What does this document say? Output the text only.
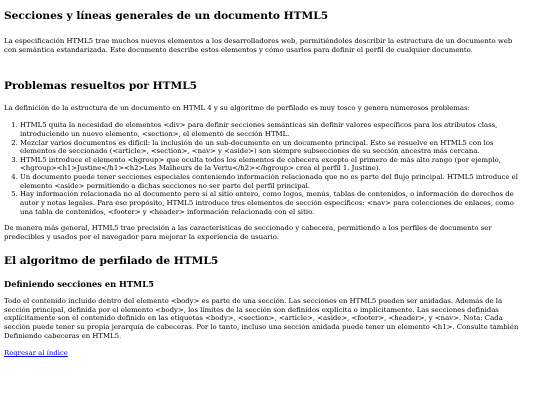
Secciones y líneas generales de un documento HTML5

La especificación HTML5 trae muchos nuevos elementos a los desarrolladores web, permitiéndoles describir la estructura de un documento web con semántica estandarizada. Este documento describe estos elementos y cómo usarlos para definir el perfil de cualquier documento.

Problemas resueltos por HTML5

La definición de la estructura de un documento en HTML 4 y su algoritmo de perfilado es muy tosco y genera numerosos problemas:

1. HTML5 quita la necesidad de elementos <div> para definir secciones semánticas sin definir valores específicos para los atributos class, introduciendo un nuevo elemento, <section>, el elemento de sección HTML.
2. Mezclar varios documentos es difícil: la inclusión de un sub-documento en un documento principal. Esto se resuelve en HTML5 con los elementos de seccionado (<article>, <section>, <nav> y <aside>) son siempre subsecciones de su sección ancestra más cercana.
3. HTML5 introduce el elemento <hgroup> que oculta todos los elementos de cabecera excepto el primero de más alto rango (por ejemplo, <hgroup><h1>Justine</h1><h2>Les Malheurs de la Vertu</h2></hgroup> crea el perfil 1. Justine).
4. Un documento puede tener secciones especiales conteniendo información relacionada que no es parte del flujo principal. HTML5 introduce el elemento <aside> permitiendo a dichas secciones no ser parte del perfil principal.
5. Hay información relacionada no al documento pero sí al sitio entero, como logos, menús, tablas de contenidos, o información de derechos de autor y notas legales. Para ese propósito, HTML5 introduce tres elementos de sección específicos: <nav> para colecciones de enlaces, como una tabla de contenidos, <footer> y <header> información relacionada con el sitio.

De manera más general, HTML5 trae precisión a las características de seccionado y cabecera, permitiendo a los perfiles de documento ser predecibles y usados por el navegador para mejorar la experiencia de usuario.

El algoritmo de perfilado de HTML5
Definiendo secciones en HTML5

Todo el contenido incluido dentro del elemento <body> es parte de una sección. Las secciones en HTML5 pueden ser anidadas. Además de la sección principal, definida por el elemento <body>, los límites de la sección son definidos explícita o implícitamente. Las secciones definidas explícitamente son el contenido definido en las etiquetas <body>, <section>, <article>, <aside>, <footer>, <header>, y <nav>. Nota: Cada sección puede tener su propia jerarquía de cabeceras. Por lo tanto, incluso una sección anidada puede tener un elemento <h1>. Consulte también Definiendo cabeceras en HTML5.

Regresar al índice
